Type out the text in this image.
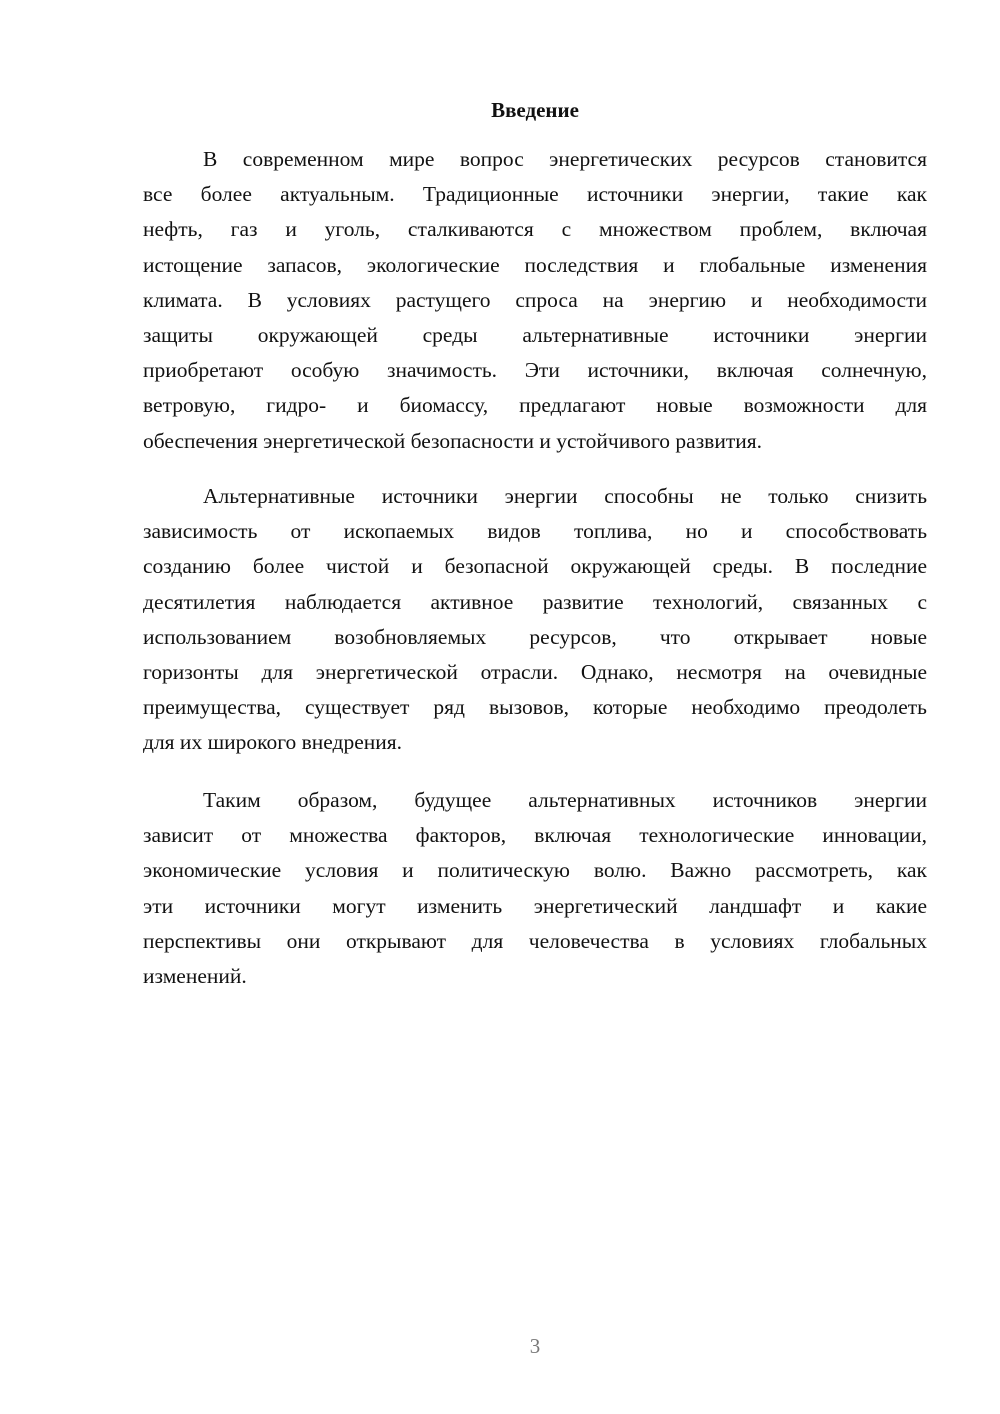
Введение
В современном мире вопрос энергетических ресурсов становится
все более актуальным. Традиционные источники энергии, такие как
нефть, газ и уголь, сталкиваются с множеством проблем, включая
истощение запасов, экологические последствия и глобальные изменения
климата. В условиях растущего спроса на энергию и необходимости
защиты окружающей среды альтернативные источники энергии
приобретают особую значимость. Эти источники, включая солнечную,
ветровую, гидро- и биомассу, предлагают новые возможности для
обеспечения энергетической безопасности и устойчивого развития.
Альтернативные источники энергии способны не только снизить
зависимость от ископаемых видов топлива, но и способствовать
созданию более чистой и безопасной окружающей среды. В последние
десятилетия наблюдается активное развитие технологий, связанных с
использованием возобновляемых ресурсов, что открывает новые
горизонты для энергетической отрасли. Однако, несмотря на очевидные
преимущества, существует ряд вызовов, которые необходимо преодолеть
для их широкого внедрения.
Таким образом, будущее альтернативных источников энергии
зависит от множества факторов, включая технологические инновации,
экономические условия и политическую волю. Важно рассмотреть, как
эти источники могут изменить энергетический ландшафт и какие
перспективы они открывают для человечества в условиях глобальных
изменений.
3
